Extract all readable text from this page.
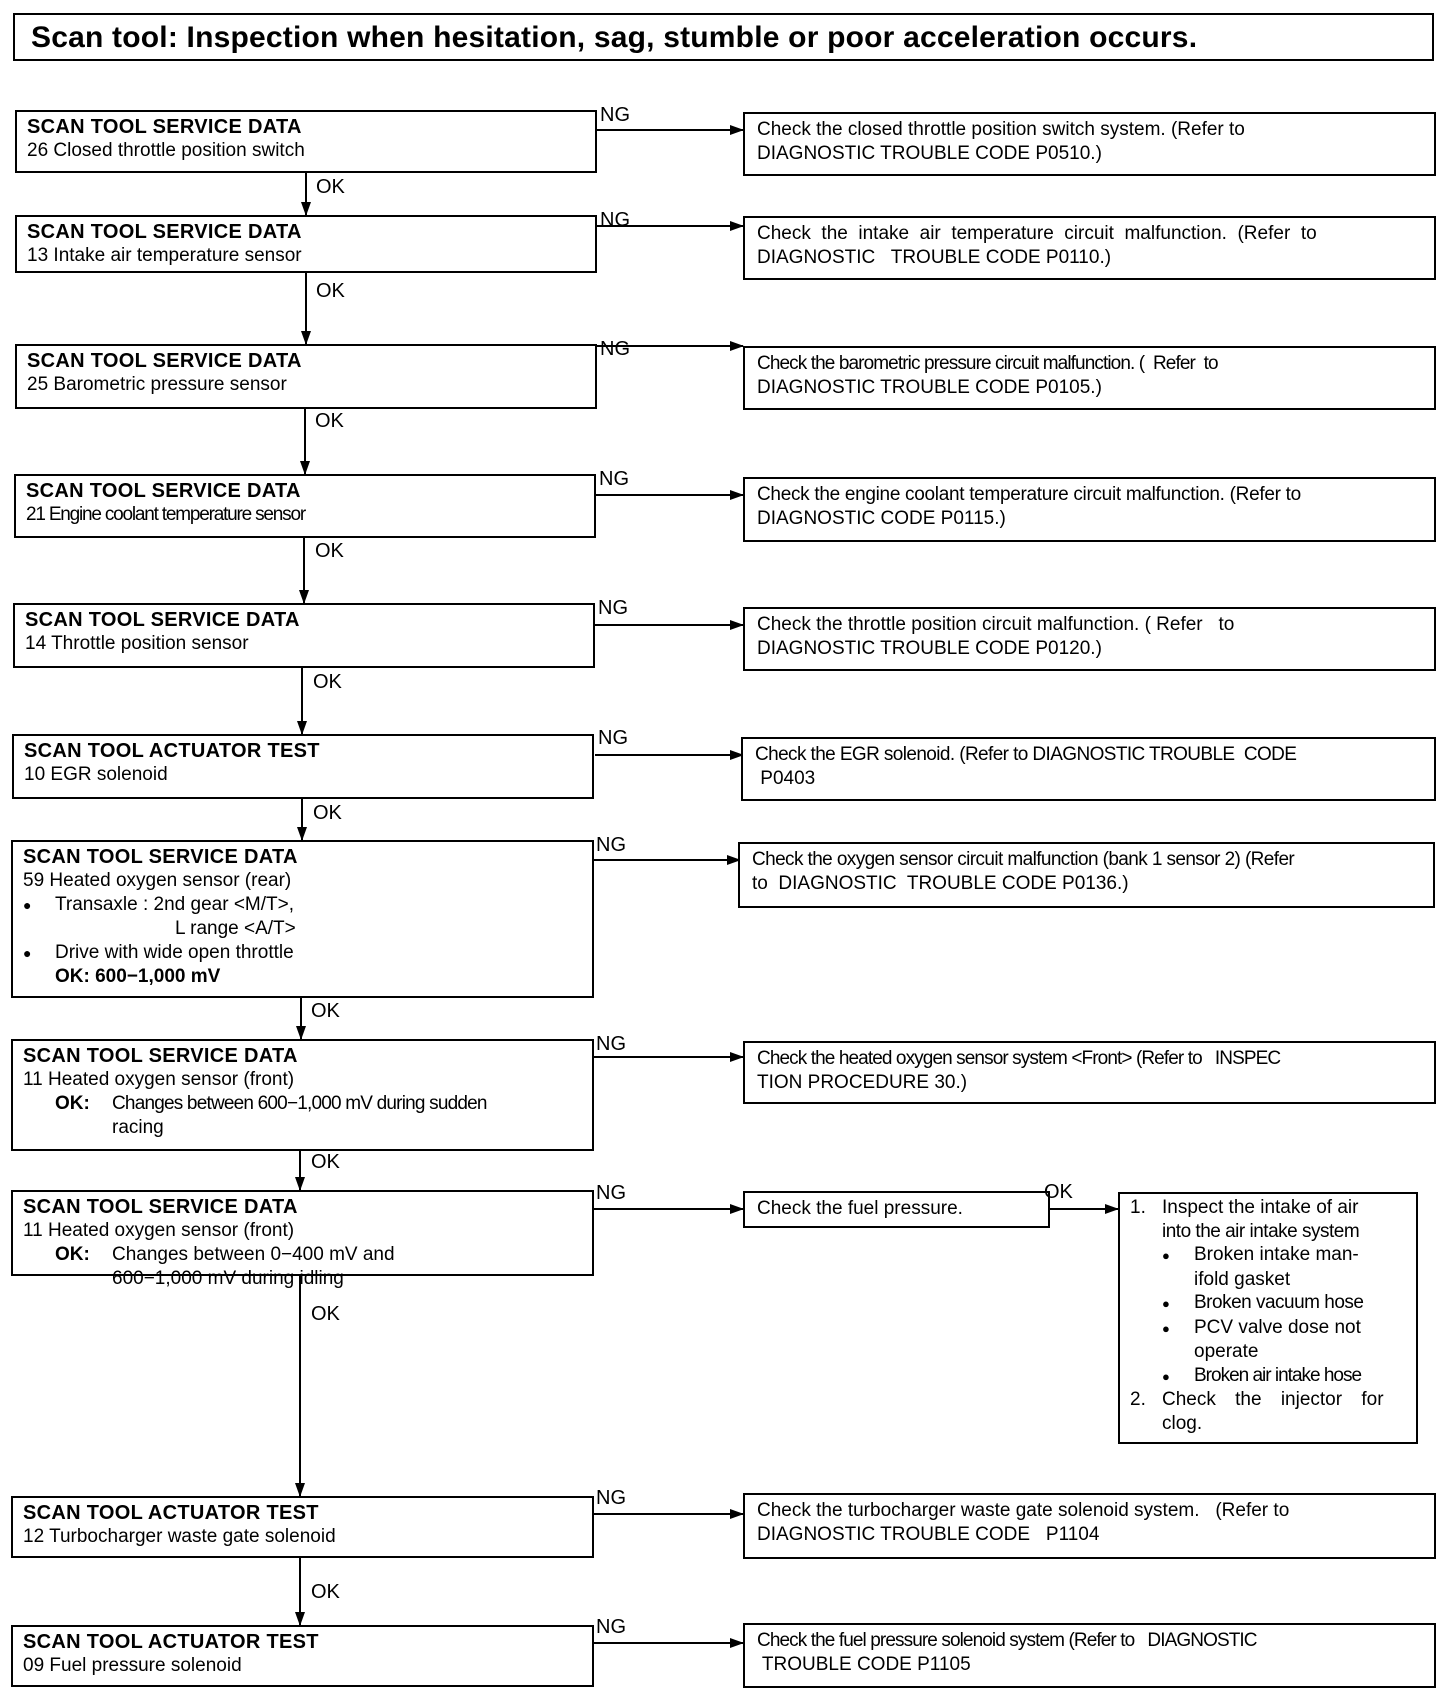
Scan tool: Inspection when hesitation, sag, stumble or poor acceleration occurs.
SCAN TOOL SERVICE DATA
26 Closed throttle position switch
SCAN TOOL SERVICE DATA
13 Intake air temperature sensor
SCAN TOOL SERVICE DATA
25 Barometric pressure sensor
SCAN TOOL SERVICE DATA
21 Engine coolant temperature sensor
SCAN TOOL SERVICE DATA
14 Throttle position sensor
SCAN TOOL ACTUATOR TEST
10 EGR solenoid
SCAN TOOL SERVICE DATA
59 Heated oxygen sensor (rear)
● Transaxle : 2nd gear <M/T>,
L range <A/T>
● Drive with wide open throttle
OK: 600−1,000 mV
SCAN TOOL SERVICE DATA
11 Heated oxygen sensor (front)
OK: Changes between 600−1,000 mV during sudden
racing
SCAN TOOL SERVICE DATA
11 Heated oxygen sensor (front)
OK: Changes between 0−400 mV and
600−1,000 mV during idling
SCAN TOOL ACTUATOR TEST
12 Turbocharger waste gate solenoid
SCAN TOOL ACTUATOR TEST
09 Fuel pressure solenoid
Check the closed throttle position switch system. (Refer to
DIAGNOSTIC TROUBLE CODE P0510.)
Check  the  intake  air  temperature  circuit  malfunction.  (Refer  to
DIAGNOSTIC   TROUBLE CODE P0110.)
Check the barometric pressure circuit malfunction. (  Refer  to
DIAGNOSTIC TROUBLE CODE P0105.)
Check the engine coolant temperature circuit malfunction. (Refer to
DIAGNOSTIC CODE P0115.)
Check the throttle position circuit malfunction. ( Refer   to
DIAGNOSTIC TROUBLE CODE P0120.)
Check the EGR solenoid. (Refer to DIAGNOSTIC TROUBLE  CODE
P0403
Check the oxygen sensor circuit malfunction (bank 1 sensor 2) (Refer
to  DIAGNOSTIC  TROUBLE CODE P0136.)
Check the heated oxygen sensor system <Front> (Refer to   INSPEC
TION PROCEDURE 30.)
Check the fuel pressure.	1. Inspect the intake of air
into the air intake system
● Broken intake man-
ifold gasket
● Broken vacuum hose
● PCV valve dose not
operate
● Broken air intake hose
2. Check the injector for
clog.
Check the turbocharger waste gate solenoid system.   (Refer to
DIAGNOSTIC TROUBLE CODE   P1104
Check the fuel pressure solenoid system (Refer to   DIAGNOSTIC
TROUBLE CODE P1105
NG
NG
NG
NG
NG
NG
NG
NG
NG
NG
NG
OK
OK
OK
OK
OK
OK
OK
OK
OK
OK
OK
